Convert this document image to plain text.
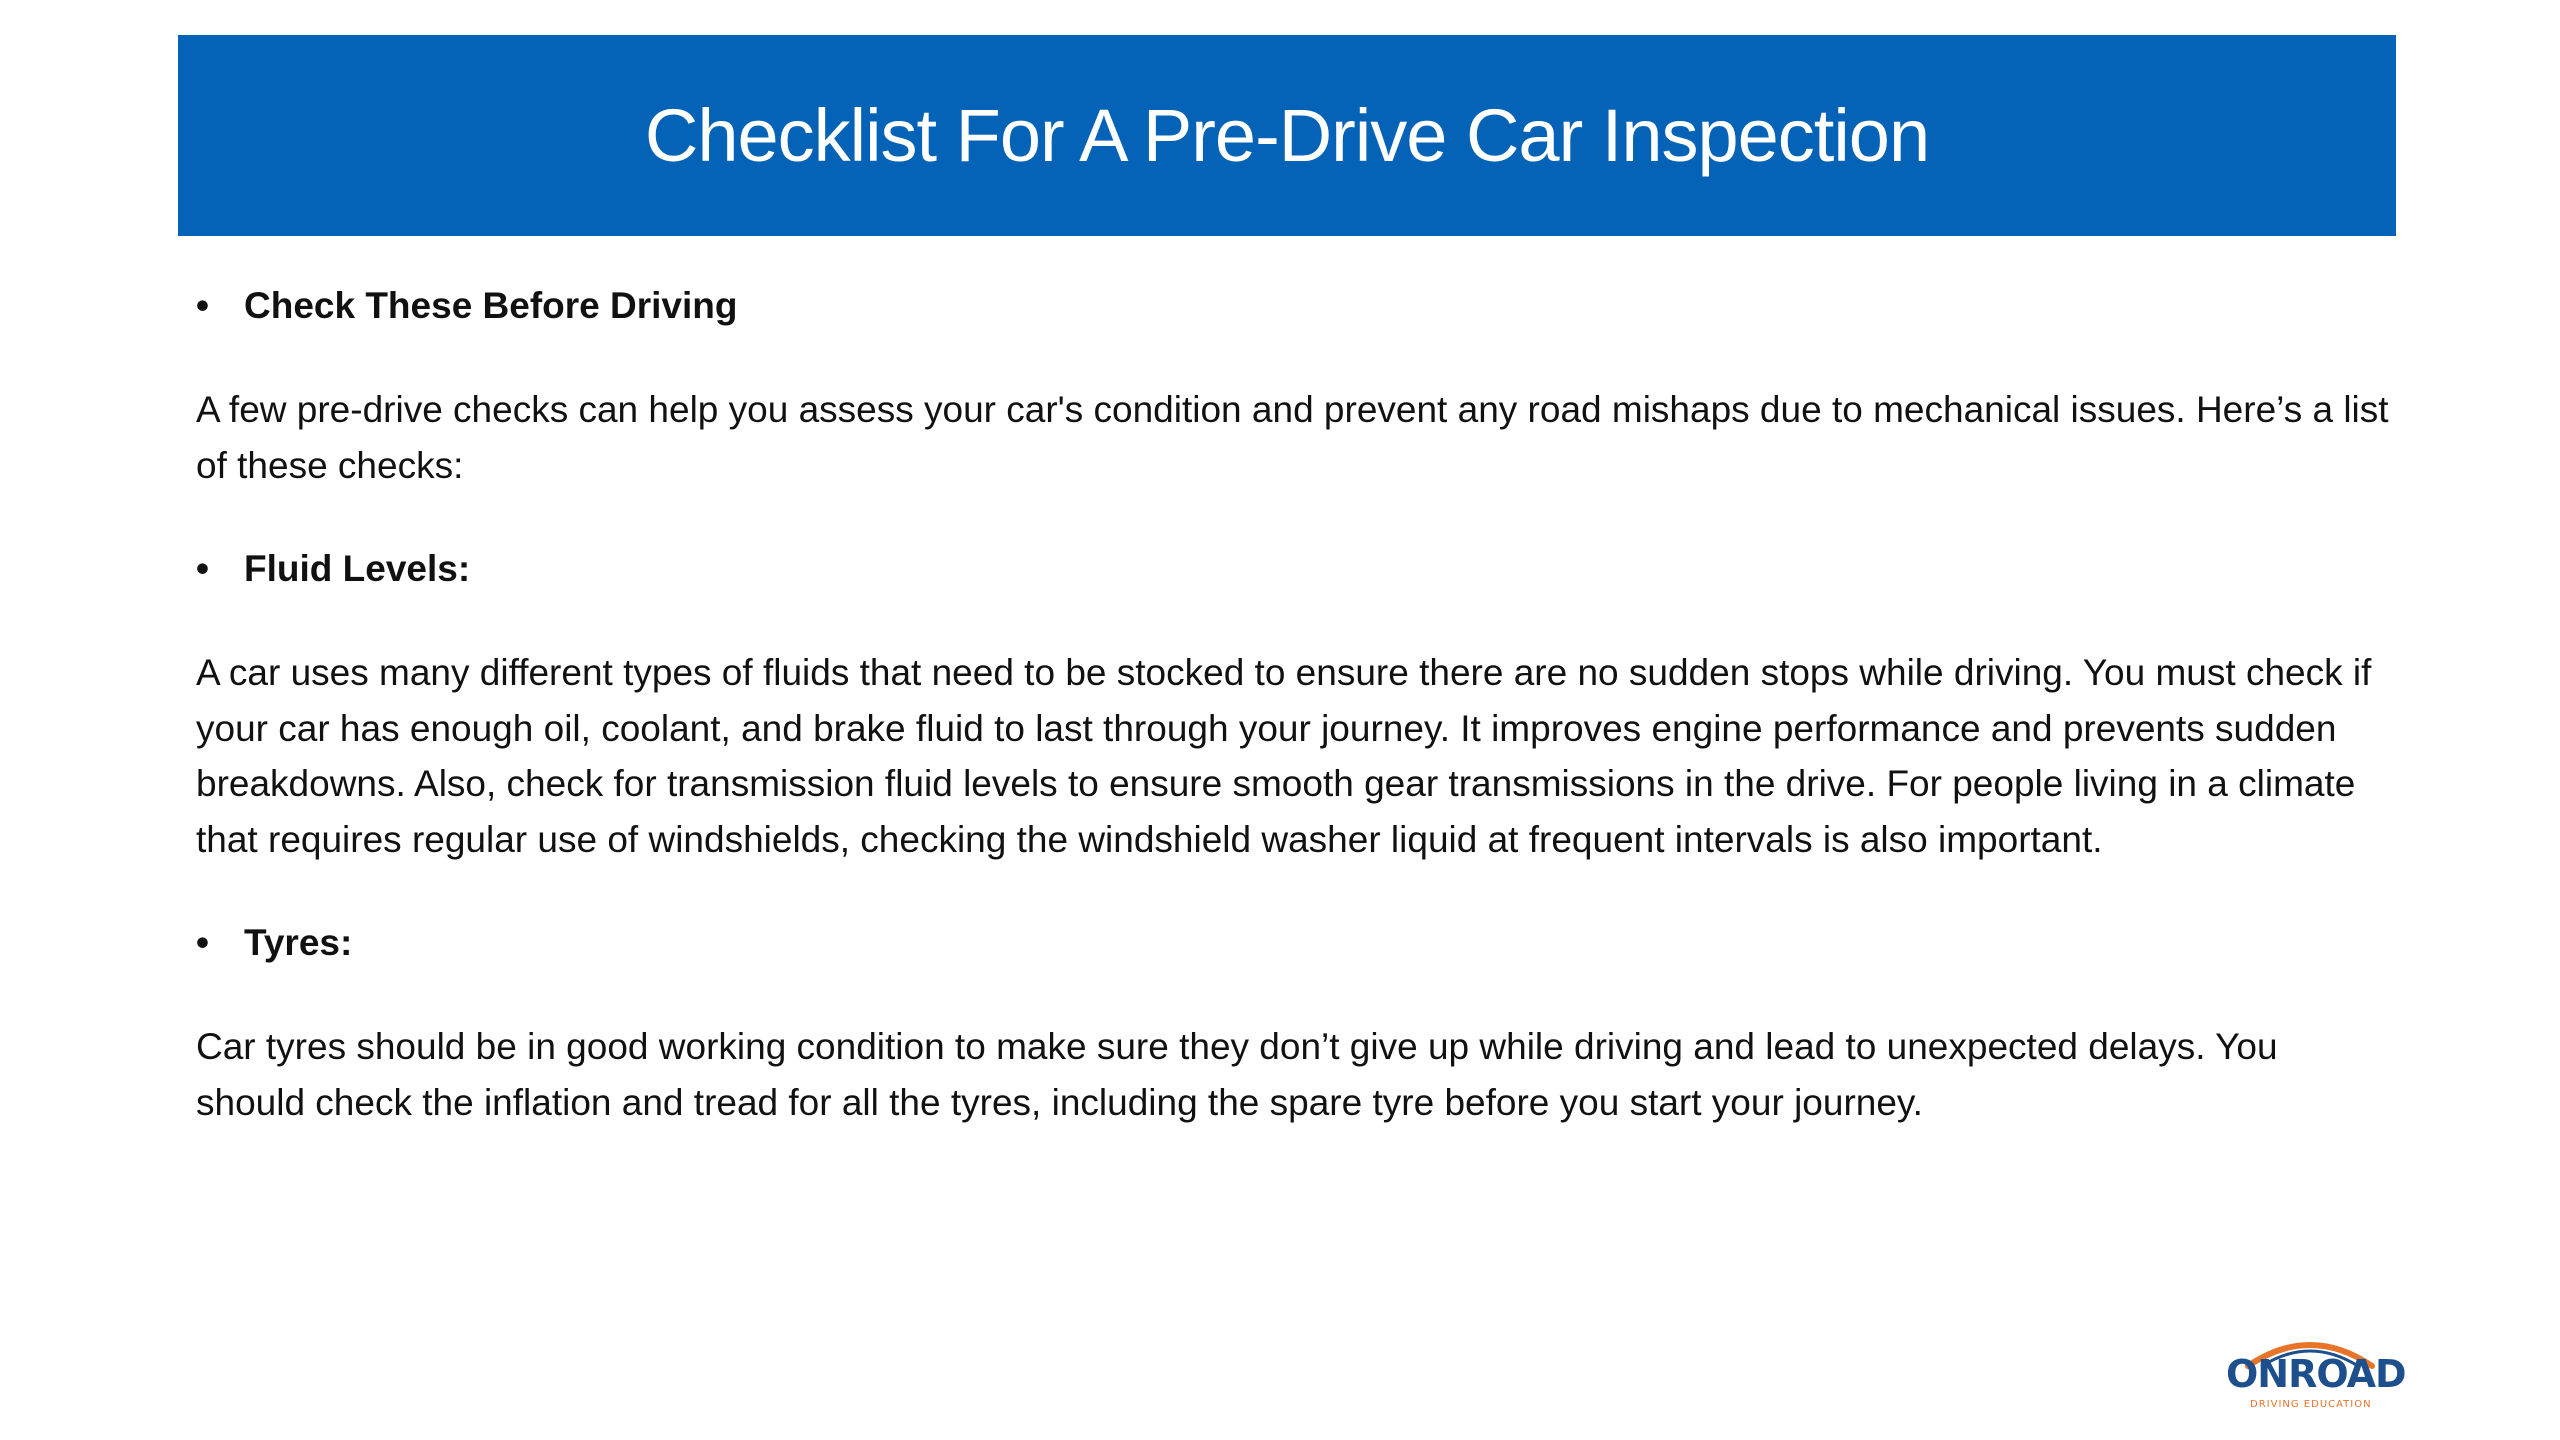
Checklist For A Pre-Drive Car Inspection
• Check These Before Driving

A few pre-drive checks can help you assess your car's condition and prevent any road mishaps due to mechanical issues. Here’s a list of these checks:

• Fluid Levels:

A car uses many different types of fluids that need to be stocked to ensure there are no sudden stops while driving. You must check if your car has enough oil, coolant, and brake fluid to last through your journey. It improves engine performance and prevents sudden breakdowns. Also, check for transmission fluid levels to ensure smooth gear transmissions in the drive. For people living in a climate that requires regular use of windshields, checking the windshield washer liquid at frequent intervals is also important.

• Tyres:

Car tyres should be in good working condition to make sure they don’t give up while driving and lead to unexpected delays. You should check the inflation and tread for all the tyres, including the spare tyre before you start your journey.

ONROAD
DRIVING EDUCATION
